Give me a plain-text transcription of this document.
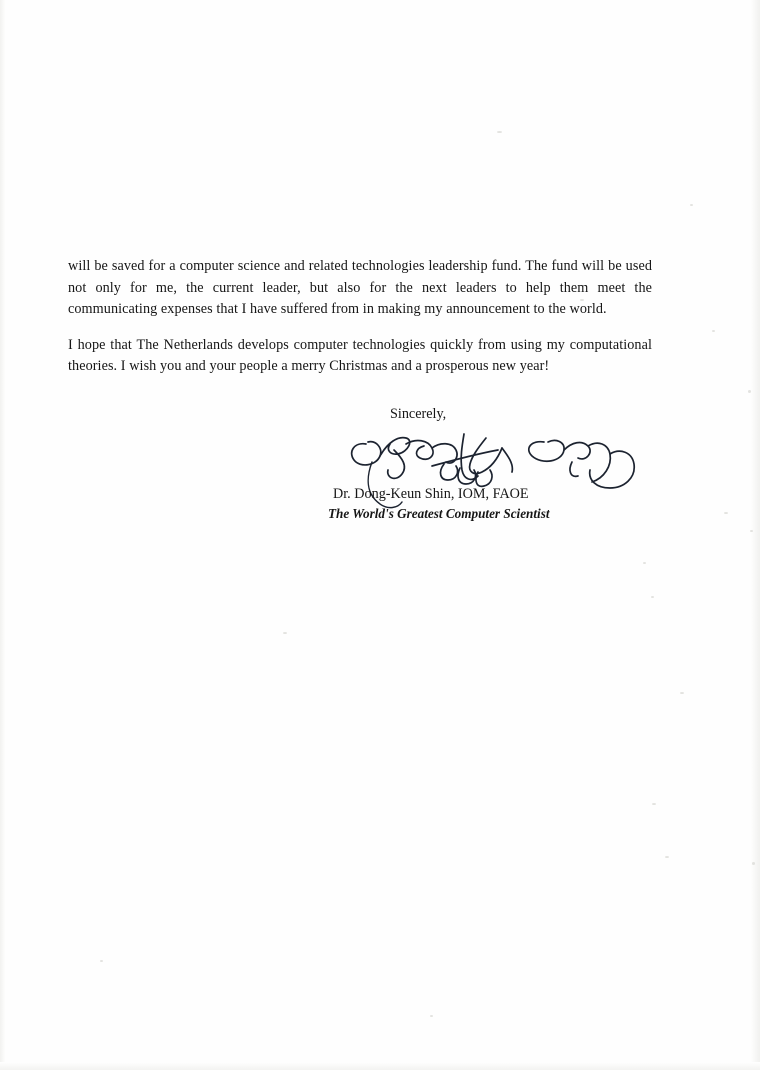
will be saved for a computer science and related technologies leadership fund. The fund will be used not only for me, the current leader, but also for the next leaders to help them meet the communicating expenses that I have suffered from in making my announcement to the world.

I hope that The Netherlands develops computer technologies quickly from using my computational theories. I wish you and your people a merry Christmas and a prosperous new year!

Sincerely,
Dr. Dong-Keun Shin, IOM, FAOE
The World's Greatest Computer Scientist
